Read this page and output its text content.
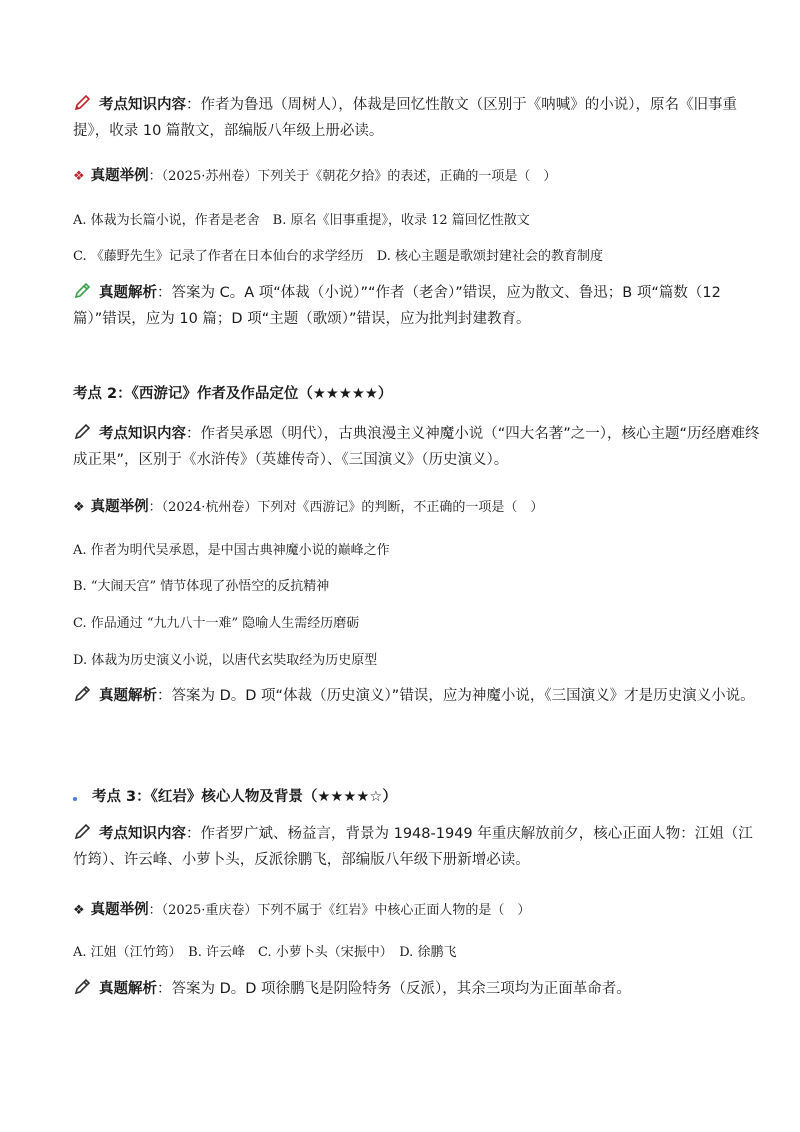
考点知识内容：作者为鲁迅（周树人），体裁是回忆性散文（区别于《呐喊》的小说），原名《旧事重提》，收录 10 篇散文，部编版八年级上册必读。
❖ 真题举例：（2025·苏州卷）下列关于《朝花夕拾》的表述，正确的一项是（　）
A. 体裁为长篇小说，作者是老舍　B. 原名《旧事重提》，收录 12 篇回忆性散文
C. 《藤野先生》记录了作者在日本仙台的求学经历　D. 核心主题是歌颂封建社会的教育制度
真题解析：答案为 C。A 项“体裁（小说）”“作者（老舍）”错误，应为散文、鲁迅；B 项“篇数（12 篇）”错误，应为 10 篇；D 项“主题（歌颂）”错误，应为批判封建教育。
考点 2：《西游记》作者及作品定位（★★★★★）
考点知识内容：作者吴承恩（明代），古典浪漫主义神魔小说（“四大名著”之一），核心主题“历经磨难终成正果”，区别于《水浒传》（英雄传奇）、《三国演义》（历史演义）。
❖ 真题举例：（2024·杭州卷）下列对《西游记》的判断，不正确的一项是（　）
A. 作者为明代吴承恩，是中国古典神魔小说的巅峰之作
B. “大闹天宫” 情节体现了孙悟空的反抗精神
C. 作品通过 “九九八十一难” 隐喻人生需经历磨砺
D. 体裁为历史演义小说，以唐代玄奘取经为历史原型
真题解析：答案为 D。D 项“体裁（历史演义）”错误，应为神魔小说，《三国演义》才是历史演义小说。
考点 3：《红岩》核心人物及背景（★★★★☆）
考点知识内容：作者罗广斌、杨益言，背景为 1948-1949 年重庆解放前夕，核心正面人物：江姐（江竹筠）、许云峰、小萝卜头，反派徐鹏飞，部编版八年级下册新增必读。
❖ 真题举例：（2025·重庆卷）下列不属于《红岩》中核心正面人物的是（　）
A. 江姐（江竹筠）　B. 许云峰　C. 小萝卜头（宋振中）　D. 徐鹏飞
真题解析：答案为 D。D 项徐鹏飞是阴险特务（反派），其余三项均为正面革命者。
